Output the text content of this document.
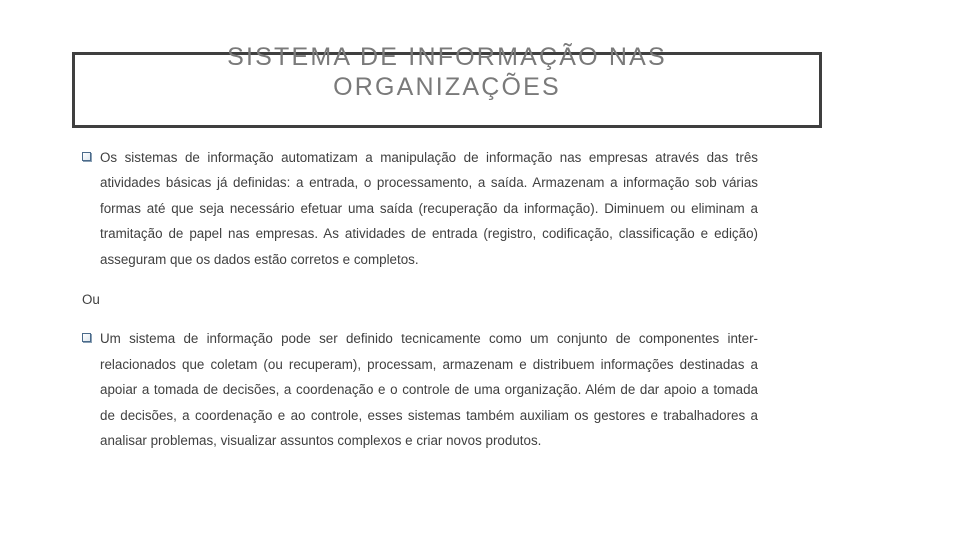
SISTEMA DE INFORMAÇÃO NAS
ORGANIZAÇÕES

Os sistemas de informação automatizam a manipulação de informação nas empresas através das três atividades básicas já definidas: a entrada, o processamento, a saída. Armazenam a informação sob várias formas até que seja necessário efetuar uma saída (recuperação da informação). Diminuem ou eliminam a tramitação de papel nas empresas. As atividades de entrada (registro, codificação, classificação e edição) asseguram que os dados estão corretos e completos.

Ou

Um sistema de informação pode ser definido tecnicamente como um conjunto de componentes inter-relacionados que coletam (ou recuperam), processam, armazenam e distribuem informações destinadas a apoiar a tomada de decisões, a coordenação e o controle de uma organização. Além de dar apoio a tomada de decisões, a coordenação e ao controle, esses sistemas também auxiliam os gestores e trabalhadores a analisar problemas, visualizar assuntos complexos e criar novos produtos.
